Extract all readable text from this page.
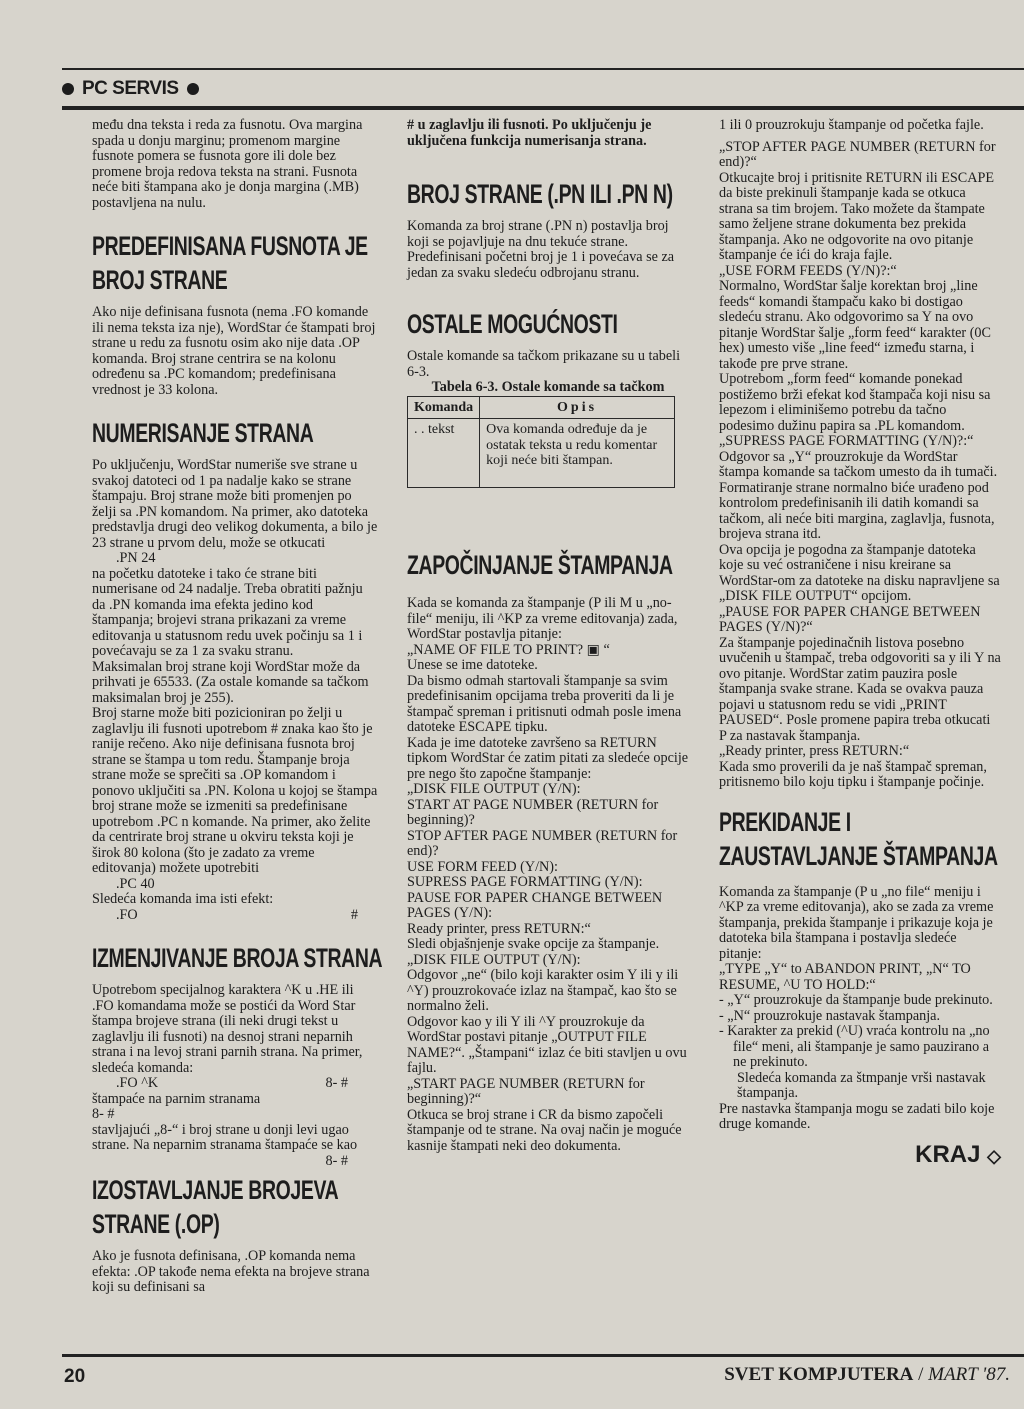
PC SERVIS

među dna teksta i reda za fusnotu. Ova margina spada u donju marginu; promenom margine fusnote pomera se fusnota gore ili dole bez promene broja redova teksta na strani. Fusnota neće biti štampana ako je donja margina (.MB) postavljena na nulu.

PREDEFINISANA FUSNOTA JE BROJ STRANE

Ako nije definisana fusnota (nema .FO komande ili nema teksta iza nje), WordStar će štampati broj strane u redu za fusnotu osim ako nije data .OP komanda. Broj strane centrira se na kolonu određenu sa .PC komandom; predefinisana vrednost je 33 kolona.

NUMERISANJE STRANA

Po uključenju, WordStar numeriše sve strane u svakoj datoteci od 1 pa nadalje kako se strane štampaju. Broj strane može biti promenjen po želji sa .PN komandom. Na primer, ako datoteka predstavlja drugi deo velikog dokumenta, a bilo je 23 strane u prvom delu, može se otkucati

.PN 24

na početku datoteke i tako će strane biti numerisane od 24 nadalje. Treba obratiti pažnju da .PN komanda ima efekta jedino kod štampanja; brojevi strana prikazani za vreme editovanja u statusnom redu uvek počinju sa 1 i povećavaju se za 1 za svaku stranu.

Maksimalan broj strane koji WordStar može da prihvati je 65533. (Za ostale komande sa tačkom maksimalan broj je 255).

Broj starne može biti pozicioniran po želji u zaglavlju ili fusnoti upotrebom # znaka kao što je ranije rečeno. Ako nije definisana fusnota broj strane se štampa u tom redu. Štampanje broja strane može se sprečiti sa .OP komandom i ponovo uključiti sa .PN. Kolona u kojoj se štampa broj strane može se izmeniti sa predefinisane upotrebom .PC n komande. Na primer, ako želite da centrirate broj strane u okviru teksta koji je širok 80 kolona (što je zadato za vreme editovanja) možete upotrebiti

.PC 40

Sledeća komanda ima isti efekt:

.FO	#

IZMENJIVANJE BROJA STRANA

Upotrebom specijalnog karaktera ^K u .HE ili .FO komandama može se postići da Word Star štampa brojeve strana (ili neki drugi tekst u zaglavlju ili fusnoti) na desnoj strani neparnih strana i na levoj strani parnih strana. Na primer, sledeća komanda:

.FO ^K	8- #

štampaće na parnim stranama

8- #

stavljajući „8-“ i broj strane u donji levi ugao strane. Na neparnim stranama štampaće se kao

8- #

IZOSTAVLJANJE BROJEVA STRANE (.OP)

Ako je fusnota definisana, .OP komanda nema efekta: .OP takođe nema efekta na brojeve strana koji su definisani sa

# u zaglavlju ili fusnoti. Po uključenju je uključena funkcija numerisanja strana.

BROJ STRANE (.PN ILI .PN N)

Komanda za broj strane (.PN n) postavlja broj koji se pojavljuje na dnu tekuće strane. Predefinisani početni broj je 1 i povećava se za jedan za svaku sledeću odbrojanu stranu.

OSTALE MOGUĆNOSTI

Ostale komande sa tačkom prikazane su u tabeli 6-3.

Tabela 6-3. Ostale komande sa tačkom

Komanda	Opis
. . tekst	Ova komanda određuje da je ostatak teksta u redu komentar koji neće biti štampan.
ZAPOČINJANJE ŠTAMPANJA

Kada se komanda za štampanje (P ili M u „no-file“ meniju, ili ^KP za vreme editovanja) zada, WordStar postavlja pitanje:

„NAME OF FILE TO PRINT? ▣ “

Unese se ime datoteke.

Da bismo odmah startovali štampanje sa svim predefinisanim opcijama treba proveriti da li je štampač spreman i pritisnuti odmah posle imena datoteke ESCAPE tipku.

Kada je ime datoteke završeno sa RETURN tipkom WordStar će zatim pitati za sledeće opcije pre nego što započne štampanje:

„DISK FILE OUTPUT (Y/N):

START AT PAGE NUMBER (RETURN for beginning)?

STOP AFTER PAGE NUMBER (RETURN for end)?

USE FORM FEED (Y/N):

SUPRESS PAGE FORMATTING (Y/N):

PAUSE FOR PAPER CHANGE BETWEEN PAGES (Y/N):

Ready printer, press RETURN:“

Sledi objašnjenje svake opcije za štampanje.

„DISK FILE OUTPUT (Y/N):

Odgovor „ne“ (bilo koji karakter osim Y ili y ili ^Y) prouzrokovaće izlaz na štampač, kao što se normalno želi.

Odgovor kao y ili Y ili ^Y prouzrokuje da WordStar postavi pitanje „OUTPUT FILE NAME?“. „Štampani“ izlaz će biti stavljen u ovu fajlu.

„START PAGE NUMBER (RETURN for beginning)?“

Otkuca se broj strane i CR da bismo započeli štampanje od te strane. Na ovaj način je moguće kasnije štampati neki deo dokumenta.

1 ili 0 prouzrokuju štampanje od početka fajle.

„STOP AFTER PAGE NUMBER (RETURN for end)?“

Otkucajte broj i pritisnite RETURN ili ESCAPE da biste prekinuli štampanje kada se otkuca strana sa tim brojem. Tako možete da štampate samo željene strane dokumenta bez prekida štampanja. Ako ne odgovorite na ovo pitanje štampanje će ići do kraja fajle.

„USE FORM FEEDS (Y/N)?:“

Normalno, WordStar šalje korektan broj „line feeds“ komandi štampaču kako bi dostigao sledeću stranu. Ako odgovorimo sa Y na ovo pitanje WordStar šalje „form feed“ karakter (0C hex) umesto više „line feed“ između starna, i takođe pre prve strane.

Upotrebom „form feed“ komande ponekad postižemo brži efekat kod štampača koji nisu sa lepezom i eliminišemo potrebu da tačno podesimo dužinu papira sa .PL komandom.

„SUPRESS PAGE FORMATTING (Y/N)?:“

Odgovor sa „Y“ prouzrokuje da WordStar štampa komande sa tačkom umesto da ih tumači. Formatiranje strane normalno biće urađeno pod kontrolom predefinisanih ili datih komandi sa tačkom, ali neće biti margina, zaglavlja, fusnota, brojeva strana itd.

Ova opcija je pogodna za štampanje datoteka koje su već ostraničene i nisu kreirane sa WordStar-om za datoteke na disku napravljene sa „DISK FILE OUTPUT“ opcijom.

„PAUSE FOR PAPER CHANGE BETWEEN PAGES (Y/N)?“

Za štampanje pojedinačnih listova posebno uvučenih u štampač, treba odgovoriti sa y ili Y na ovo pitanje. WordStar zatim pauzira posle štampanja svake strane. Kada se ovakva pauza pojavi u statusnom redu se vidi „PRINT PAUSED“. Posle promene papira treba otkucati P za nastavak štampanja.

„Ready printer, press RETURN:“

Kada smo proverili da je naš štampač spreman, pritisnemo bilo koju tipku i štampanje počinje.

PREKIDANJE I ZAUSTAVLJANJE ŠTAMPANJA

Komanda za štampanje (P u „no file“ meniju i ^KP za vreme editovanja), ako se zada za vreme štampanja, prekida štampanje i prikazuje koja je datoteka bila štampana i postavlja sledeće pitanje:

„TYPE „Y“ to ABANDON PRINT, „N“ TO RESUME, ^U TO HOLD:“

- „Y“ prouzrokuje da štampanje bude prekinuto.
- „N“ prouzrokuje nastavak štampanja.
- Karakter za prekid (^U) vraća kontrolu na „no file“ meni, ali štampanje je samo pauzirano a ne prekinuto.

Sledeća komanda za štmpanje vrši nastavak štampanja.

Pre nastavka štampanja mogu se zadati bilo koje druge komande.

KRAJ ◇
20	SVET KOMPJUTERA / MART '87.
